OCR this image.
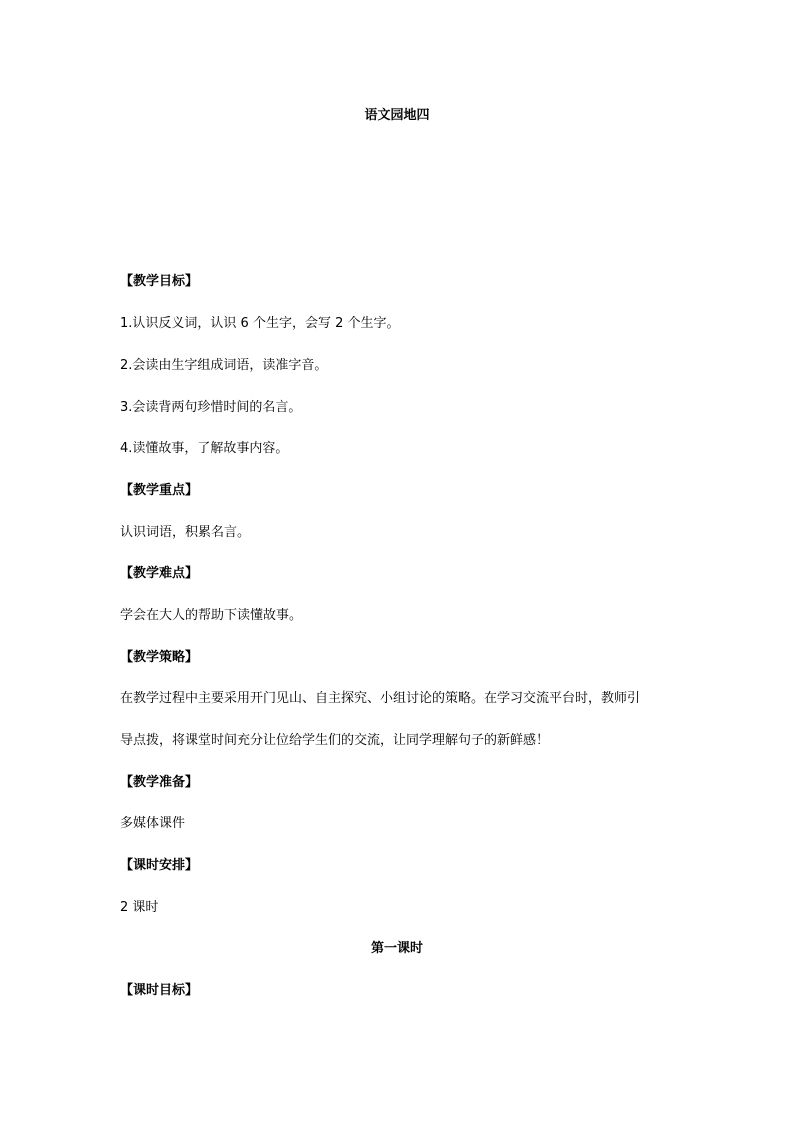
语文园地四
【教学目标】
1.认识反义词，认识 6 个生字，会写 2 个生字。
2.会读由生字组成词语，读准字音。
3.会读背两句珍惜时间的名言。
4.读懂故事，了解故事内容。
【教学重点】
认识词语，积累名言。
【教学难点】
学会在大人的帮助下读懂故事。
【教学策略】
在教学过程中主要采用开门见山、自主探究、小组讨论的策略。在学习交流平台时，教师引
导点拨，将课堂时间充分让位给学生们的交流，让同学理解句子的新鲜感！
【教学准备】
多媒体课件
【课时安排】
2 课时
第一课时
【课时目标】
